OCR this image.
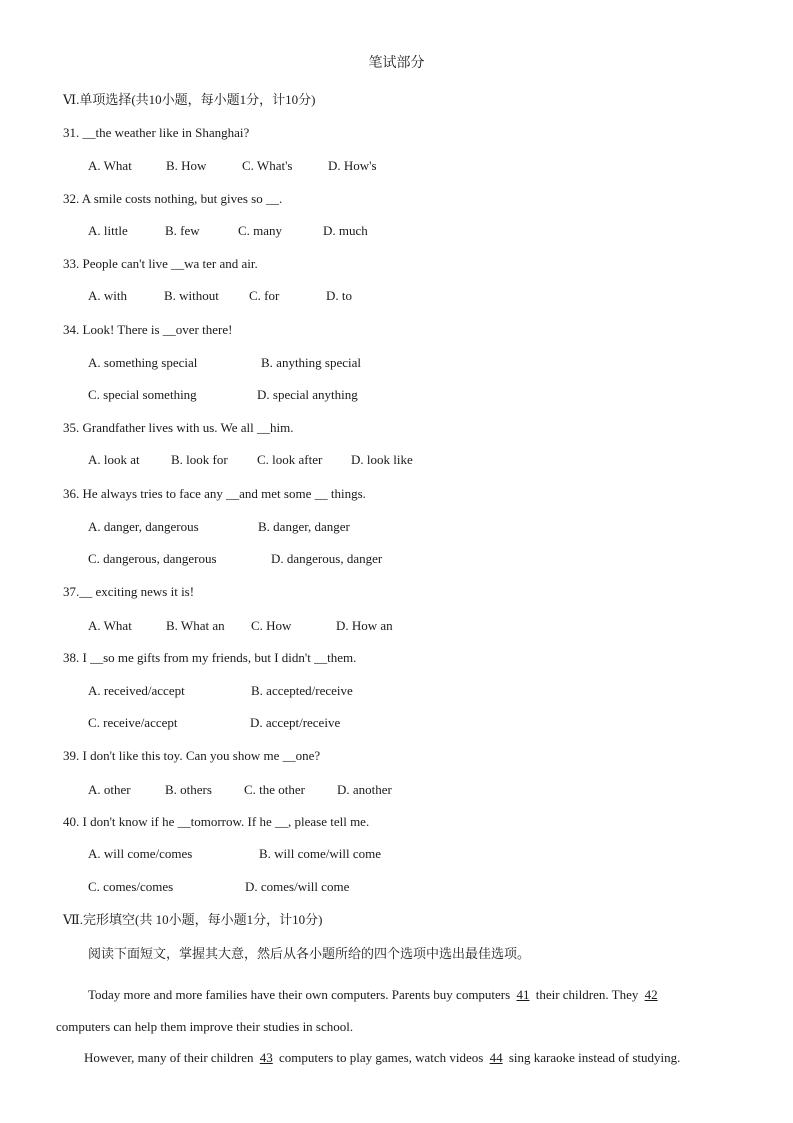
笔试部分
Ⅵ.单项选择(共10小题，每小题1分，计10分)
31. __the weather like in Shanghai?
A. What	B. How	C. What's	D. How's
32. A smile costs nothing, but gives so __.
A. little	B. few	C. many	D. much
33. People can't live __wa ter and air.
A. with	B. without C. for	D. to
34. Look! There is __over there!
A. something special	B. anything special
C. special something	D. special anything
35. Grandfather lives with us. We all __him.
A. look at B. look for C. look after D. look like
36. He always tries to face any __and met some __ things.
A. danger, dangerous	B. danger, danger
C. dangerous, dangerous	D. dangerous, danger
37.__ exciting news it is!
A. What	B. What an C. How	D. How an
38. I __so me gifts from my friends, but I didn't __them.
A. received/accept	B. accepted/receive
C. receive/accept	D. accept/receive
39. I don't like this toy. Can you show me __one?
A. other	B. others C. the other D. another
40. I don't know if he __tomorrow. If he __, please tell me.
A. will come/comes	B. will come/will come
C. comes/comes	D. comes/will come
Ⅶ.完形填空(共 10小题，每小题1分，计10分)
阅读下面短文，掌握其大意，然后从各小题所给的四个选项中选出最佳选项。
Today more and more families have their own computers. Parents buy computers 41 their children. They 42
computers can help them improve their studies in school.
However, many of their children 43 computers to play games, watch videos 44 sing karaoke instead of studying.
